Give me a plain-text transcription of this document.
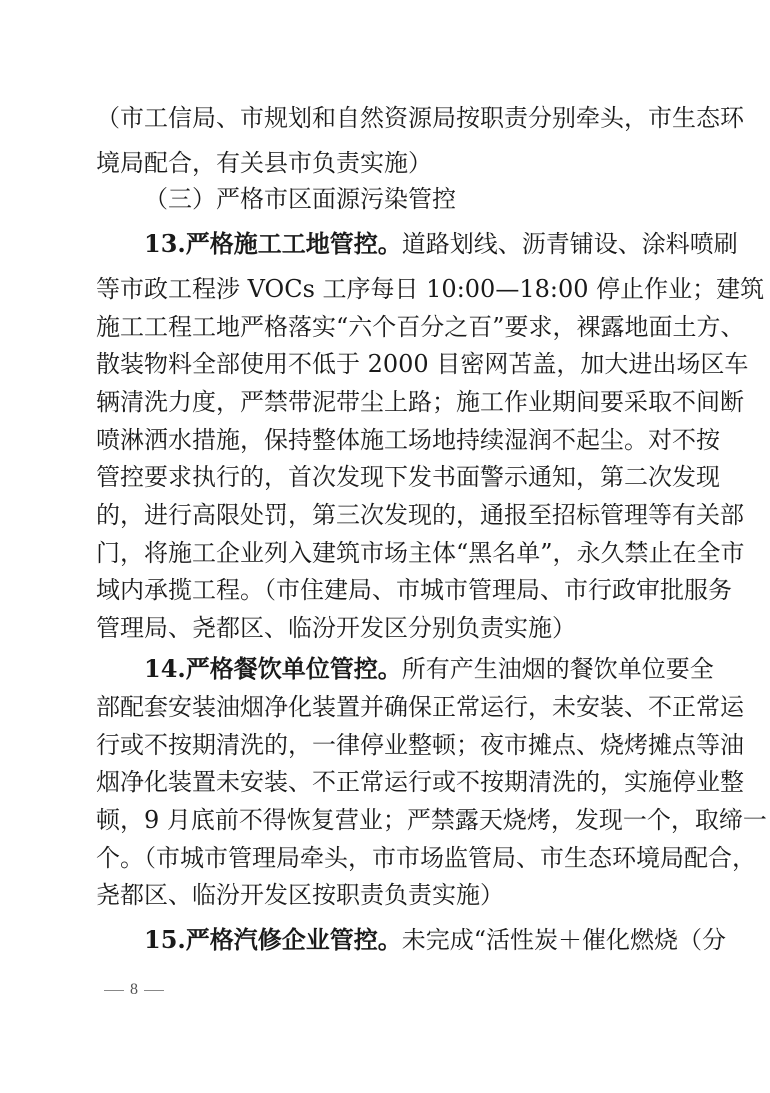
（市工信局、市规划和自然资源局按职责分别牵头，市生态环
境局配合，有关县市负责实施）
（三）严格市区面源污染管控
13.严格施工工地管控。道路划线、沥青铺设、涂料喷刷
等市政工程涉 VOCs 工序每日 10:00—18:00 停止作业；建筑
施工工程工地严格落实“六个百分之百”要求，裸露地面土方、
散装物料全部使用不低于 2000 目密网苫盖，加大进出场区车
辆清洗力度，严禁带泥带尘上路；施工作业期间要采取不间断
喷淋洒水措施，保持整体施工场地持续湿润不起尘。对不按
管控要求执行的，首次发现下发书面警示通知，第二次发现
的，进行高限处罚，第三次发现的，通报至招标管理等有关部
门，将施工企业列入建筑市场主体“黑名单”，永久禁止在全市
域内承揽工程。（市住建局、市城市管理局、市行政审批服务
管理局、尧都区、临汾开发区分别负责实施）
14.严格餐饮单位管控。所有产生油烟的餐饮单位要全
部配套安装油烟净化装置并确保正常运行，未安装、不正常运
行或不按期清洗的，一律停业整顿；夜市摊点、烧烤摊点等油
烟净化装置未安装、不正常运行或不按期清洗的，实施停业整
顿，9 月底前不得恢复营业；严禁露天烧烤，发现一个，取缔一
个。（市城市管理局牵头，市市场监管局、市生态环境局配合，
尧都区、临汾开发区按职责负责实施）
15.严格汽修企业管控。未完成“活性炭＋催化燃烧（分
8
